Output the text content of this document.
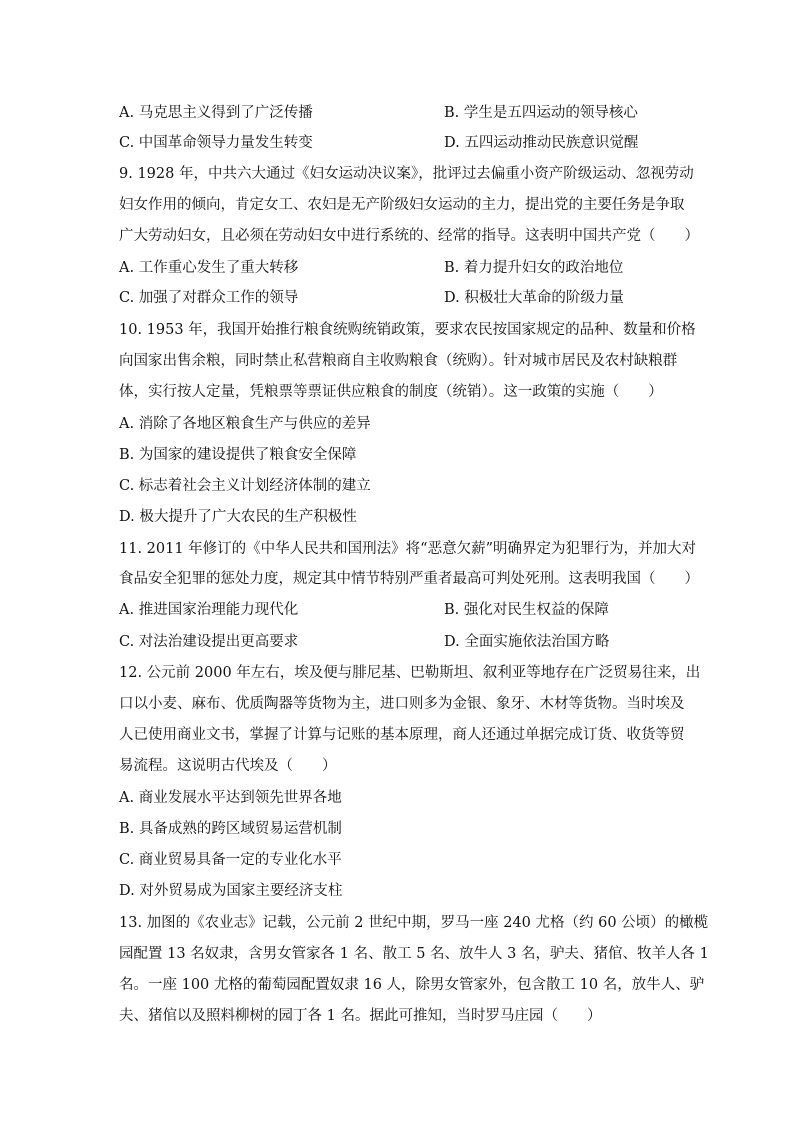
A. 马克思主义得到了广泛传播	B. 学生是五四运动的领导核心
C. 中国革命领导力量发生转变	D. 五四运动推动民族意识觉醒
9. 1928 年，中共六大通过《妇女运动决议案》，批评过去偏重小资产阶级运动、忽视劳动
妇女作用的倾向，肯定女工、农妇是无产阶级妇女运动的主力，提出党的主要任务是争取
广大劳动妇女，且必须在劳动妇女中进行系统的、经常的指导。这表明中国共产党（　　）
A. 工作重心发生了重大转移	B. 着力提升妇女的政治地位
C. 加强了对群众工作的领导	D. 积极壮大革命的阶级力量
10. 1953 年，我国开始推行粮食统购统销政策，要求农民按国家规定的品种、数量和价格
向国家出售余粮，同时禁止私营粮商自主收购粮食（统购）。针对城市居民及农村缺粮群
体，实行按人定量，凭粮票等票证供应粮食的制度（统销）。这一政策的实施（　　）
A. 消除了各地区粮食生产与供应的差异
B. 为国家的建设提供了粮食安全保障
C. 标志着社会主义计划经济体制的建立
D. 极大提升了广大农民的生产积极性
11. 2011 年修订的《中华人民共和国刑法》将“恶意欠薪”明确界定为犯罪行为，并加大对
食品安全犯罪的惩处力度，规定其中情节特别严重者最高可判处死刑。这表明我国（　　）
A. 推进国家治理能力现代化	B. 强化对民生权益的保障
C. 对法治建设提出更高要求	D. 全面实施依法治国方略
12. 公元前 2000 年左右，埃及便与腓尼基、巴勒斯坦、叙利亚等地存在广泛贸易往来，出
口以小麦、麻布、优质陶器等货物为主，进口则多为金银、象牙、木材等货物。当时埃及
人已使用商业文书，掌握了计算与记账的基本原理，商人还通过单据完成订货、收货等贸
易流程。这说明古代埃及（　　）
A. 商业发展水平达到领先世界各地
B. 具备成熟的跨区域贸易运营机制
C. 商业贸易具备一定的专业化水平
D. 对外贸易成为国家主要经济支柱
13. 加图的《农业志》记载，公元前 2 世纪中期，罗马一座 240 尤格（约 60 公顷）的橄榄
园配置 13 名奴隶，含男女管家各 1 名、散工 5 名、放牛人 3 名，驴夫、猪倌、牧羊人各 1
名。一座 100 尤格的葡萄园配置奴隶 16 人，除男女管家外，包含散工 10 名，放牛人、驴
夫、猪倌以及照料柳树的园丁各 1 名。据此可推知，当时罗马庄园（　　）
